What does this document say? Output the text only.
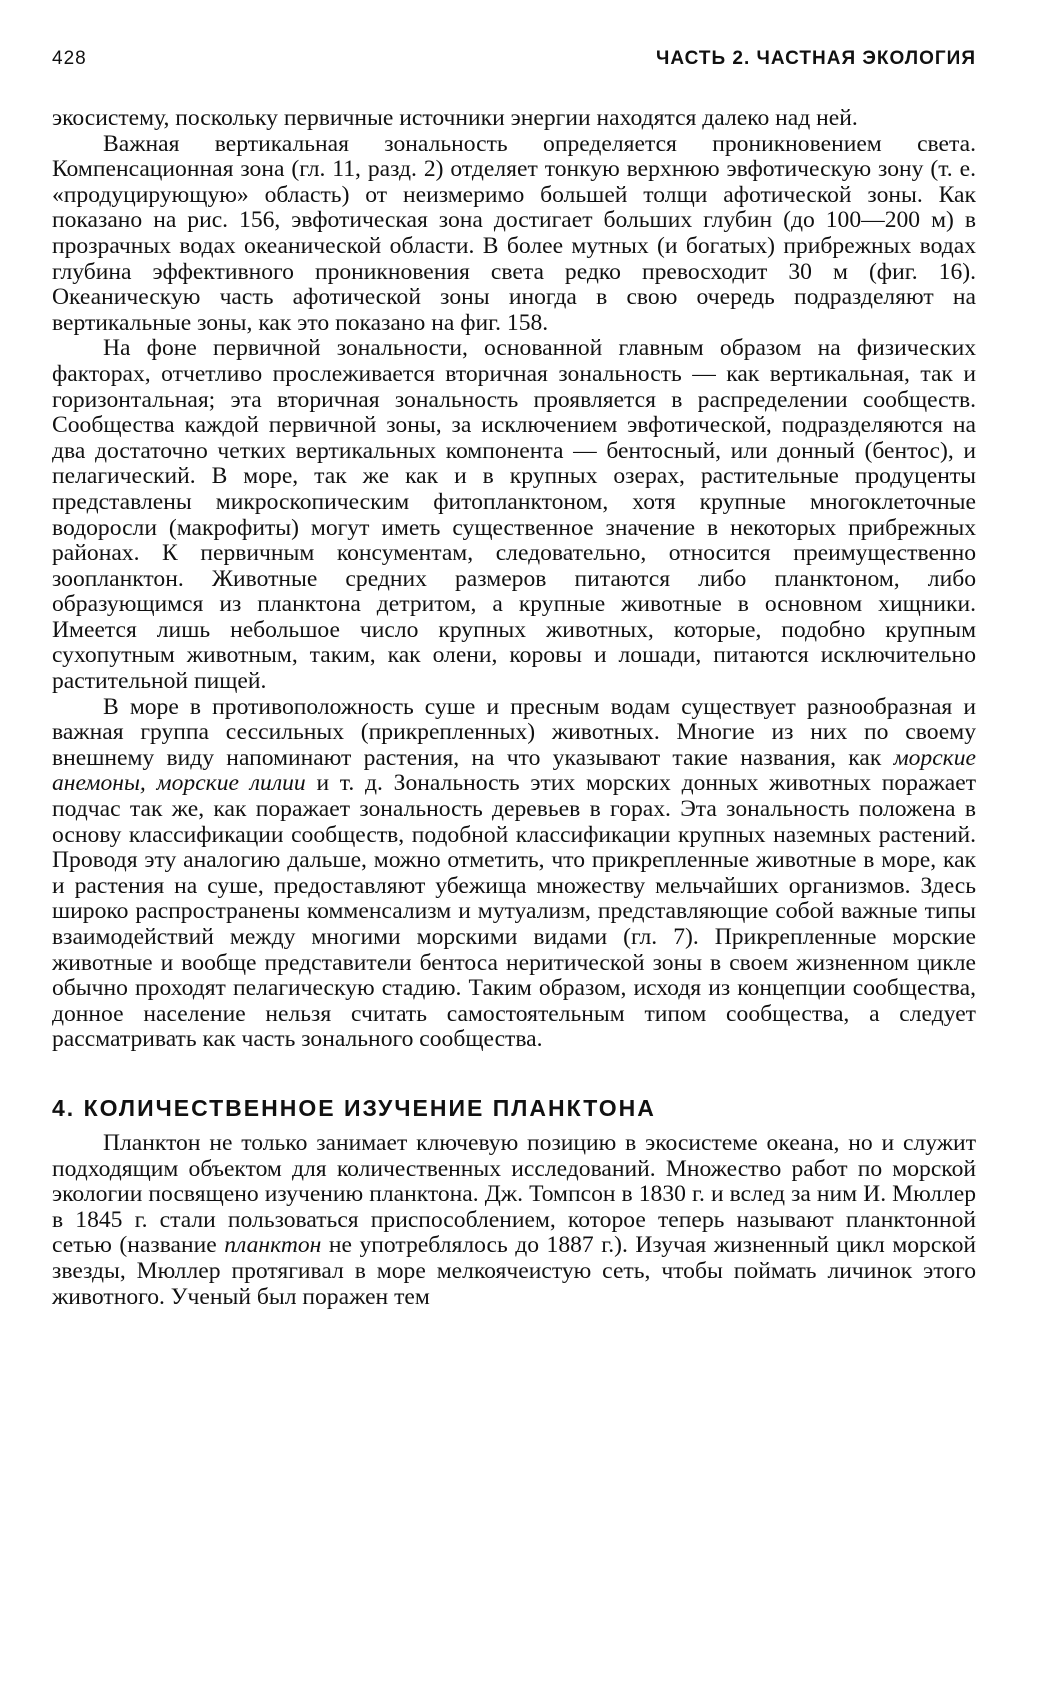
428	ЧАСТЬ 2. ЧАСТНАЯ ЭКОЛОГИЯ

экосистему, поскольку первичные источники энергии находятся далеко над ней.

Важная вертикальная зональность определяется проникновением света. Компенсационная зона (гл. 11, разд. 2) отделяет тонкую верхнюю эвфотическую зону (т. е. «продуцирующую» область) от неизмеримо большей толщи афотической зоны. Как показано на рис. 156, эвфотическая зона достигает больших глубин (до 100—200 м) в прозрачных водах океанической области. В более мутных (и богатых) прибрежных водах глубина эффективного проникновения света редко превосходит 30 м (фиг. 16). Океаническую часть афотической зоны иногда в свою очередь подразделяют на вертикальные зоны, как это показано на фиг. 158.

На фоне первичной зональности, основанной главным образом на физических факторах, отчетливо прослеживается вторичная зональность — как вертикальная, так и горизонтальная; эта вторичная зональность проявляется в распределении сообществ. Сообщества каждой первичной зоны, за исключением эвфотической, подразделяются на два достаточно четких вертикальных компонента — бентосный, или донный (бентос), и пелагический. В море, так же как и в крупных озерах, растительные продуценты представлены микроскопическим фитопланктоном, хотя крупные многоклеточные водоросли (макрофиты) могут иметь существенное значение в некоторых прибрежных районах. К первичным консументам, следовательно, относится преимущественно зоопланктон. Животные средних размеров питаются либо планктоном, либо образующимся из планктона детритом, а крупные животные в основном хищники. Имеется лишь небольшое число крупных животных, которые, подобно крупным сухопутным животным, таким, как олени, коровы и лошади, питаются исключительно растительной пищей.

В море в противоположность суше и пресным водам существует разнообразная и важная группа сессильных (прикрепленных) животных. Многие из них по своему внешнему виду напоминают растения, на что указывают такие названия, как морские анемоны, морские лилии и т. д. Зональность этих морских донных животных поражает подчас так же, как поражает зональность деревьев в горах. Эта зональность положена в основу классификации сообществ, подобной классификации крупных наземных растений. Проводя эту аналогию дальше, можно отметить, что прикрепленные животные в море, как и растения на суше, предоставляют убежища множеству мельчайших организмов. Здесь широко распространены комменсализм и мутуализм, представляющие собой важные типы взаимодействий между многими морскими видами (гл. 7). Прикрепленные морские животные и вообще представители бентоса неритической зоны в своем жизненном цикле обычно проходят пелагическую стадию. Таким образом, исходя из концепции сообщества, донное население нельзя считать самостоятельным типом сообщества, а следует рассматривать как часть зонального сообщества.

4. КОЛИЧЕСТВЕННОЕ ИЗУЧЕНИЕ ПЛАНКТОНА

Планктон не только занимает ключевую позицию в экосистеме океана, но и служит подходящим объектом для количественных исследований. Множество работ по морской экологии посвящено изучению планктона. Дж. Томпсон в 1830 г. и вслед за ним И. Мюллер в 1845 г. стали пользоваться приспособлением, которое теперь называют планктонной сетью (название планктон не употреблялось до 1887 г.). Изучая жизненный цикл морской звезды, Мюллер протягивал в море мелкоячеистую сеть, чтобы поймать личинок этого животного. Ученый был поражен тем
